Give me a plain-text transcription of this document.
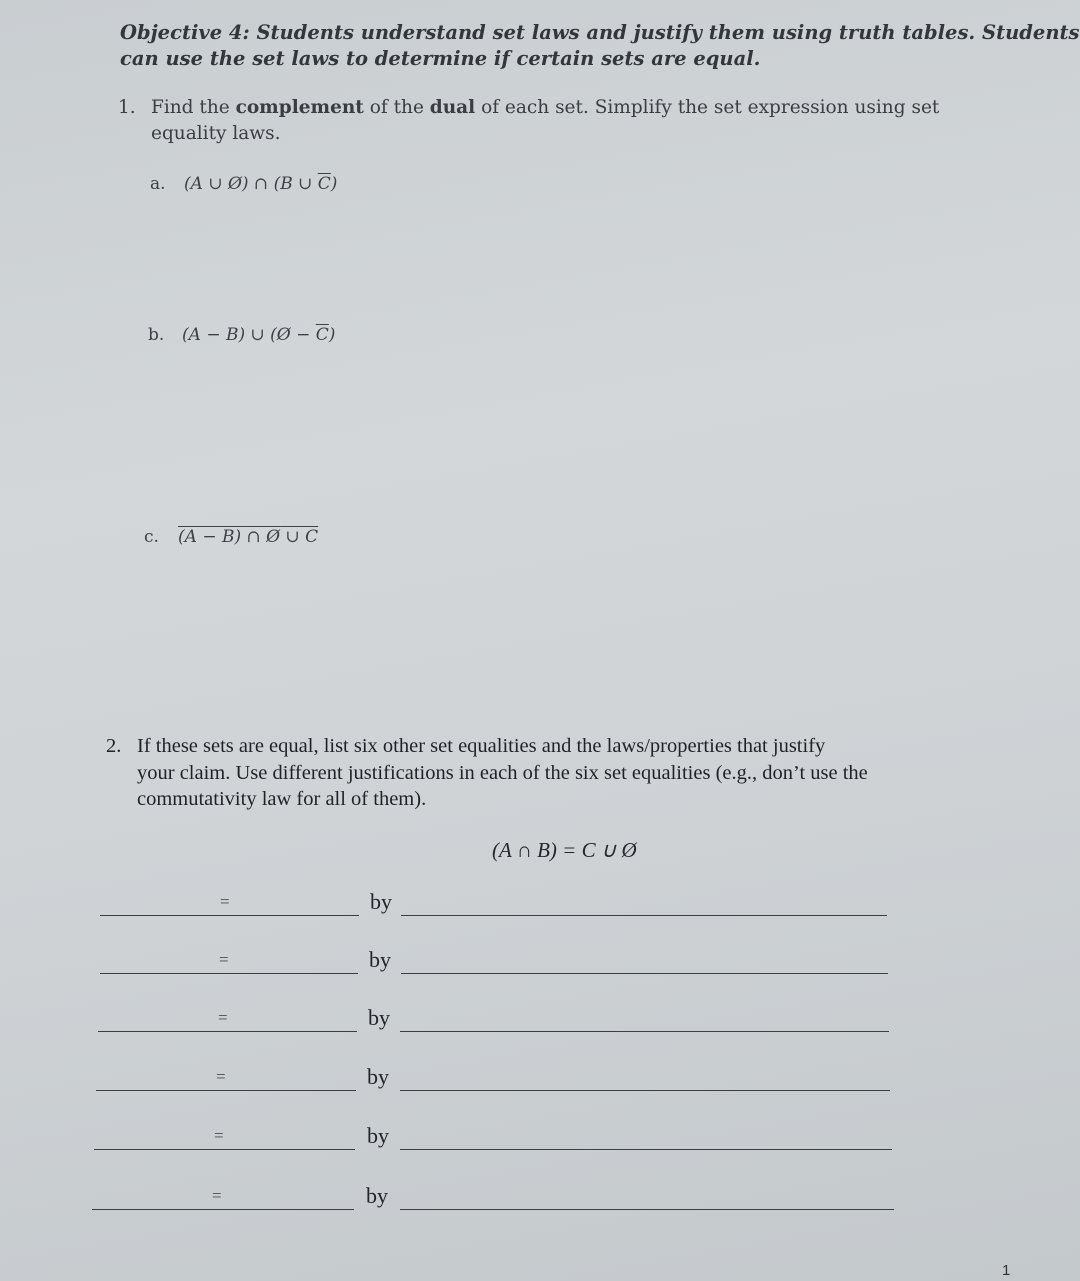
Objective 4: Students understand set laws and justify them using truth tables. Students
can use the set laws to determine if certain sets are equal.
1. Find the complement of the dual of each set. Simplify the set expression using set
equality laws.
a. (A ∪ Ø) ∩ (B ∪ $\overline{C}$)
b. (A − B) ∪ (Ø − $\overline{C}$)
c. (A − B) ∩ Ø ∪ C
2. If these sets are equal, list six other set equalities and the laws/properties that justify
your claim. Use different justifications in each of the six set equalities (e.g., don’t use the
commutativity law for all of them).
(A ∩ B) = C ∪ Ø
=	by
=	by
=	by
=	by
=	by
=	by
1
